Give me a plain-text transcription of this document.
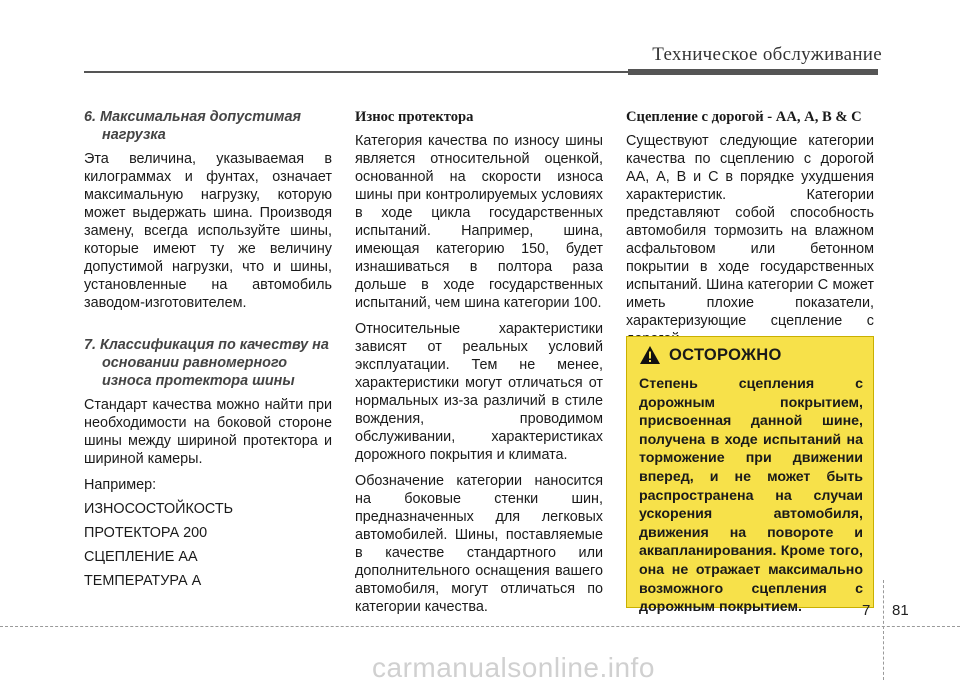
Техническое обслуживание
6. Максимальная допустимая нагрузка

Эта величина, указываемая в килограммах и фунтах, означает максимальную нагрузку, которую может выдержать шина. Производя замену, всегда используйте шины, которые имеют ту же величину допустимой нагрузки, что и шины, установленные на автомобиль заводом-изготовителем.

7. Классификация по качеству на основании равномерного износа протектора шины

Стандарт качества можно найти при необходимости на боковой стороне шины между шириной протектора и шириной камеры.

Например:

ИЗНОСОСТОЙКОСТЬ

ПРОТЕКТОРА 200

СЦЕПЛЕНИЕ АА

ТЕМПЕРАТУРА А

Износ протектора

Категория качества по износу шины является относительной оценкой, основанной на скорости износа шины при контролируемых условиях в ходе цикла государственных испытаний. Например, шина, имеющая категорию 150, будет изнашиваться в полтора раза дольше в ходе государственных испытаний, чем шина категории 100.

Относительные характеристики зависят от реальных условий эксплуатации. Тем не менее, характеристики могут отличаться от нормальных из-за различий в стиле вождения, проводимом обслуживании, характеристиках дорожного покрытия и климата.

Обозначение категории наносится на боковые стенки шин, предназначенных для легковых автомобилей. Шины, поставляемые в качестве стандартного или дополнительного оснащения вашего автомобиля, могут отличаться по категории качества.

Сцепление с дорогой - АА, А, В & С

Существуют следующие категории качества по сцеплению с дорогой АА, А, В и С в порядке ухудшения характеристик. Категории представляют собой способность автомобиля тормозить на влажном асфальтовом или бетонном покрытии в ходе государственных испытаний. Шина категории С может иметь плохие показатели, характеризующие сцепление с

ОСТОРОЖНО
Степень сцепления с дорожным покрытием, присвоенная данной шине, получена в ходе испытаний на торможение при движении вперед, и не может быть распространена на случаи ускорения автомобиля, движения на повороте и аквапланирования. Кроме того, она не отражает максимально возможного сцепления с дорожным покрытием.	7 81
carmanualsonline.info
